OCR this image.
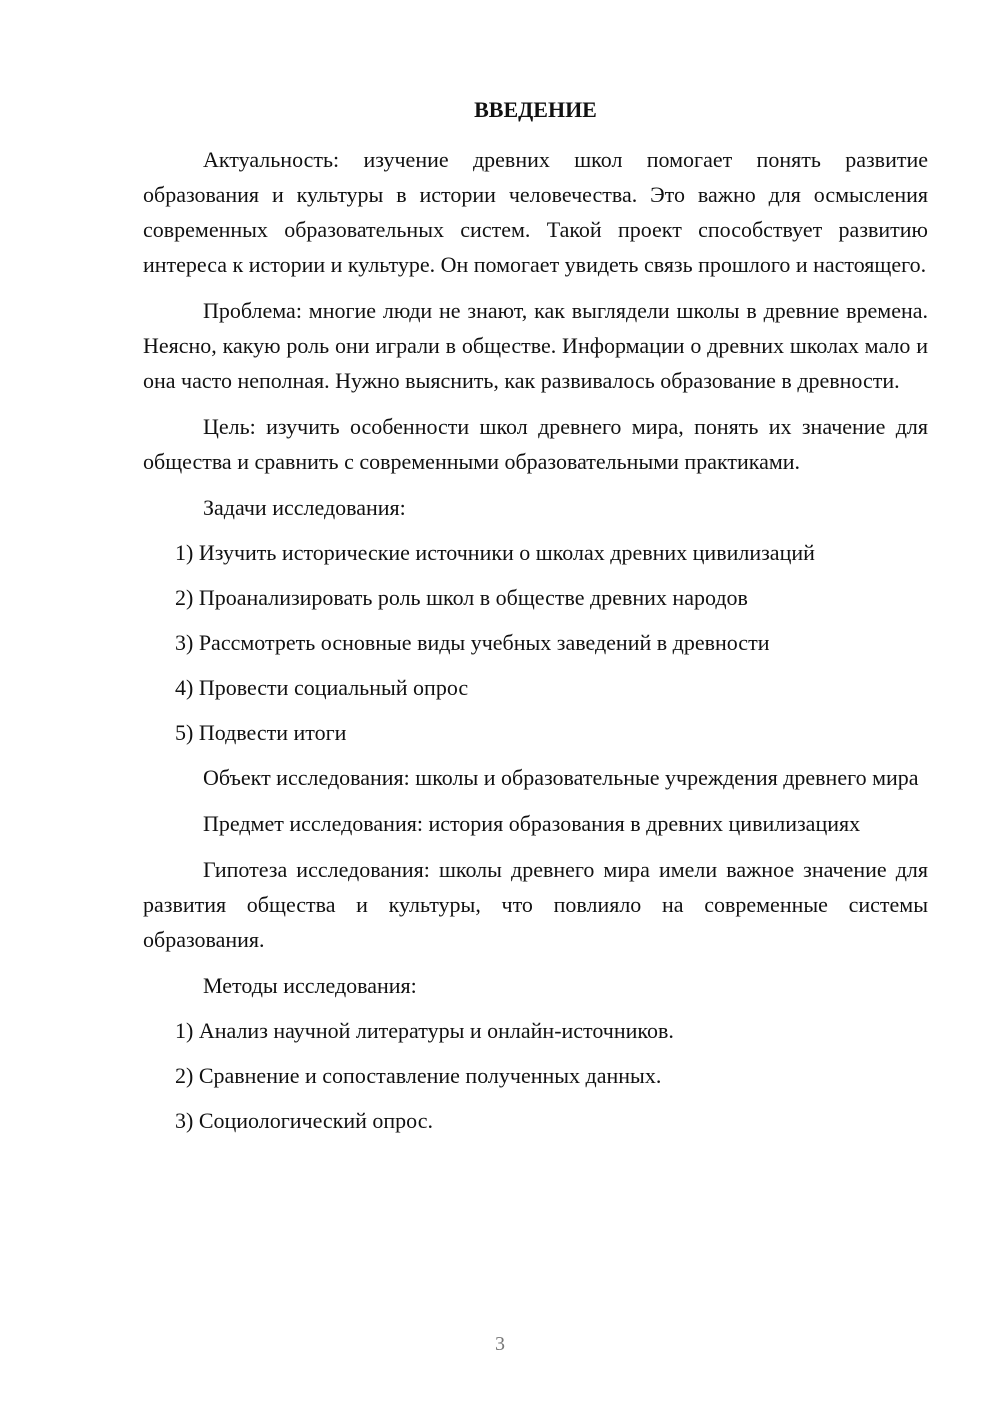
ВВЕДЕНИЕ

Актуальность: изучение древних школ помогает понять развитие образования и культуры в истории человечества. Это важно для осмысления современных образовательных систем. Такой проект способствует развитию интереса к истории и культуре. Он помогает увидеть связь прошлого и настоящего.

Проблема: многие люди не знают, как выглядели школы в древние времена. Неясно, какую роль они играли в обществе. Информации о древних школах мало и она часто неполная. Нужно выяснить, как развивалось образование в древности.

Цель: изучить особенности школ древнего мира, понять их значение для общества и сравнить с современными образовательными практиками.

Задачи исследования:
1) Изучить исторические источники о школах древних цивилизаций
2) Проанализировать роль школ в обществе древних народов
3) Рассмотреть основные виды учебных заведений в древности
4) Провести социальный опрос
5) Подвести итоги

Объект исследования: школы и образовательные учреждения древнего мира

Предмет исследования: история образования в древних цивилизациях

Гипотеза исследования: школы древнего мира имели важное значение для развития общества и культуры, что повлияло на современные системы образования.

Методы исследования:
1) Анализ научной литературы и онлайн-источников.
2) Сравнение и сопоставление полученных данных.
3) Социологический опрос.
3
